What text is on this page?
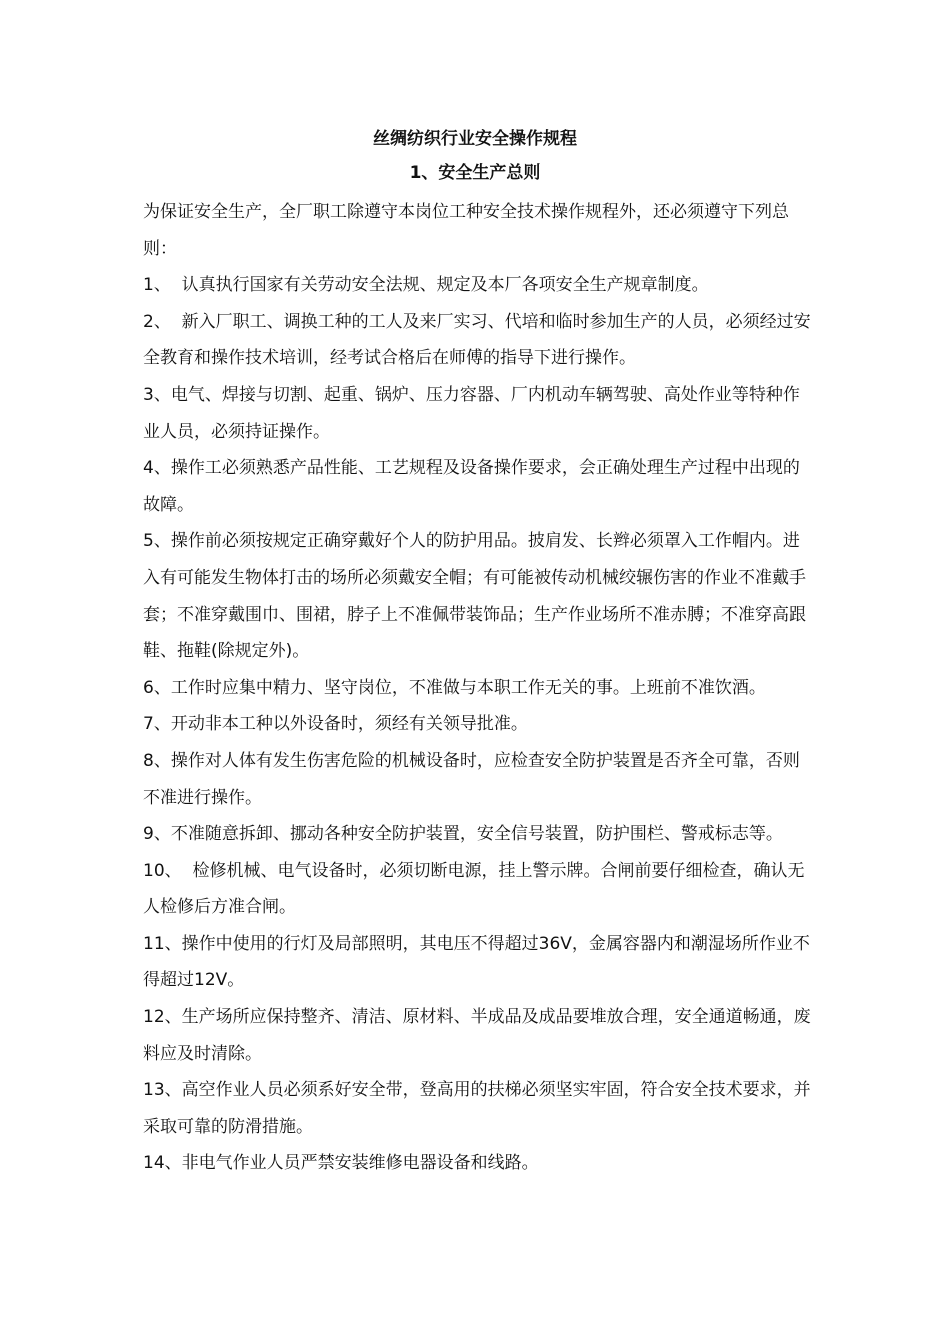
丝绸纺织行业安全操作规程
1、安全生产总则

为保证安全生产，全厂职工除遵守本岗位工种安全技术操作规程外，还必须遵守下列总则：

1、  认真执行国家有关劳动安全法规、规定及本厂各项安全生产规章制度。

2、  新入厂职工、调换工种的工人及来厂实习、代培和临时参加生产的人员，必须经过安全教育和操作技术培训，经考试合格后在师傅的指导下进行操作。

3、电气、焊接与切割、起重、锅炉、压力容器、厂内机动车辆驾驶、高处作业等特种作业人员，必须持证操作。

4、操作工必须熟悉产品性能、工艺规程及设备操作要求，会正确处理生产过程中出现的故障。

5、操作前必须按规定正确穿戴好个人的防护用品。披肩发、长辫必须罩入工作帽内。进入有可能发生物体打击的场所必须戴安全帽；有可能被传动机械绞辗伤害的作业不准戴手套；不准穿戴围巾、围裙，脖子上不准佩带装饰品；生产作业场所不准赤膊；不准穿高跟鞋、拖鞋(除规定外)。

6、工作时应集中精力、坚守岗位，不准做与本职工作无关的事。上班前不准饮酒。

7、开动非本工种以外设备时，须经有关领导批准。

8、操作对人体有发生伤害危险的机械设备时，应检查安全防护装置是否齐全可靠，否则不准进行操作。

9、不准随意拆卸、挪动各种安全防护装置，安全信号装置，防护围栏、警戒标志等。

10、  检修机械、电气设备时，必须切断电源，挂上警示牌。合闸前要仔细检查，确认无人检修后方准合闸。

11、操作中使用的行灯及局部照明，其电压不得超过36V，金属容器内和潮湿场所作业不得超过12V。

12、生产场所应保持整齐、清洁、原材料、半成品及成品要堆放合理，安全通道畅通，废料应及时清除。

13、高空作业人员必须系好安全带，登高用的扶梯必须坚实牢固，符合安全技术要求，并采取可靠的防滑措施。

14、非电气作业人员严禁安装维修电器设备和线路。
